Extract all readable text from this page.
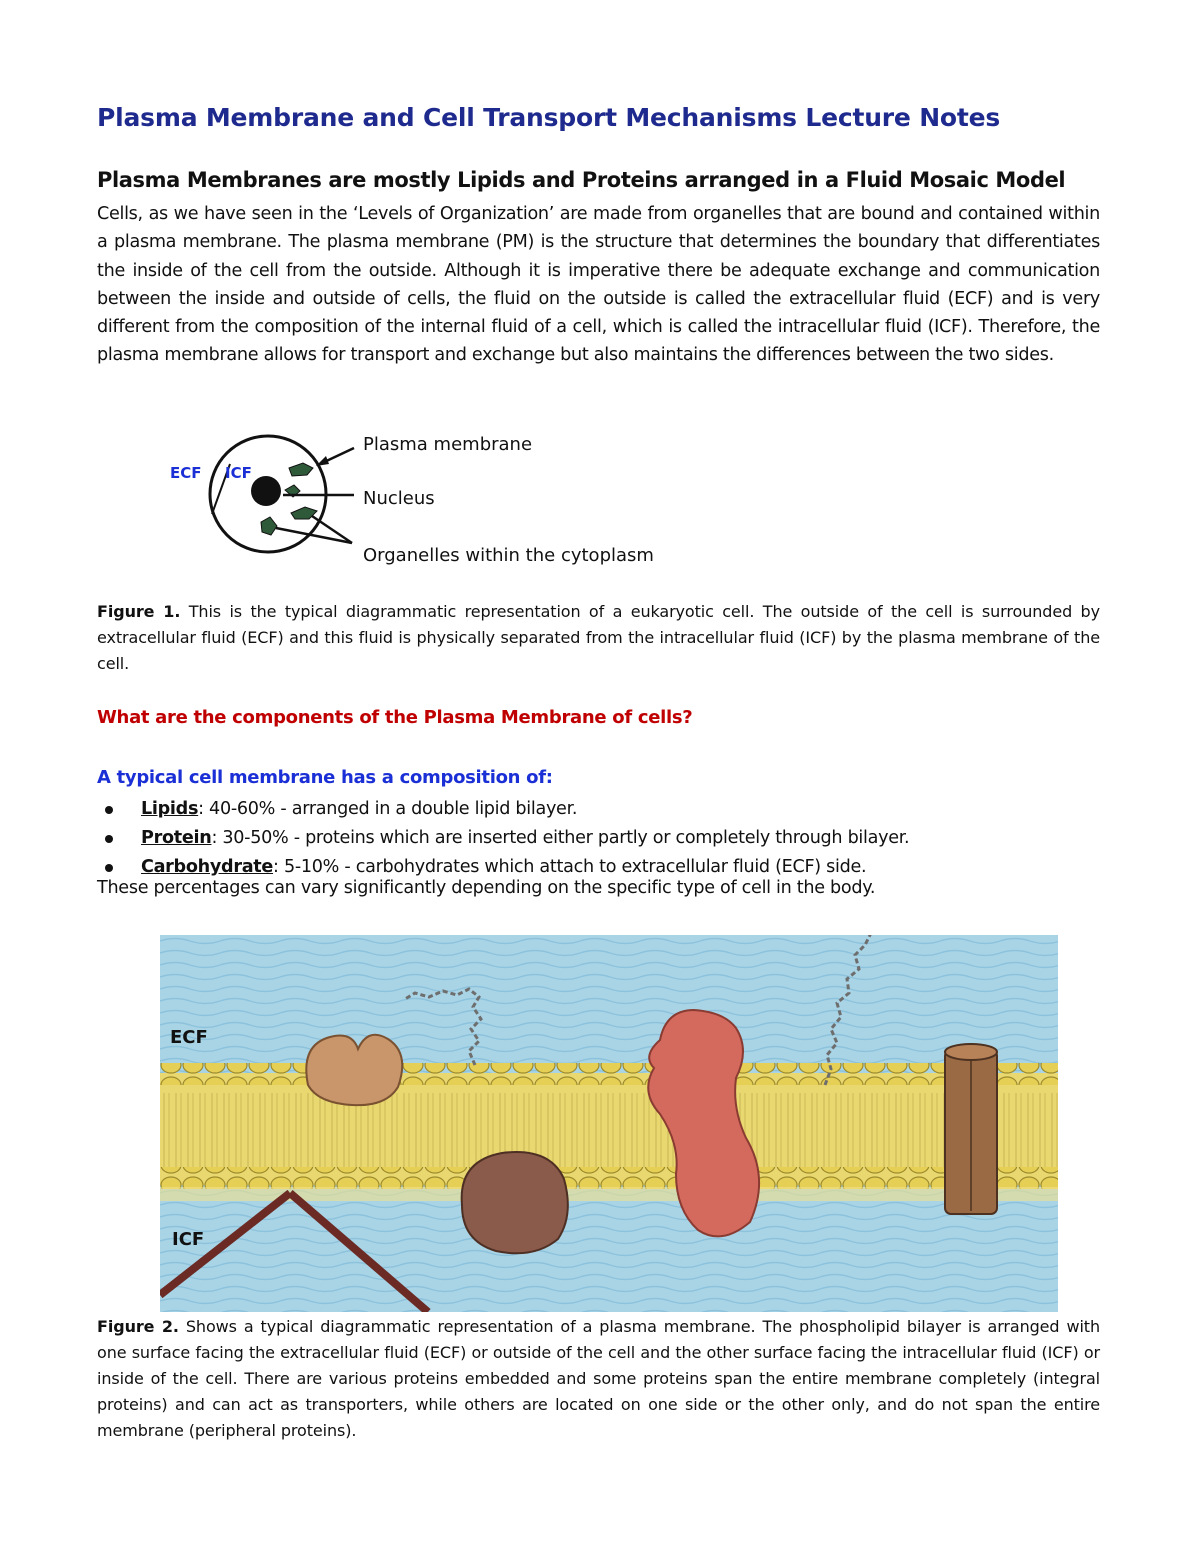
Plasma Membrane and Cell Transport Mechanisms Lecture Notes
Plasma Membranes are mostly Lipids and Proteins arranged in a Fluid Mosaic Model
Cells, as we have seen in the ‘Levels of Organization’ are made from organelles that are bound and contained within a plasma membrane. The plasma membrane (PM) is the structure that determines the boundary that differentiates the inside of the cell from the outside. Although it is imperative there be adequate exchange and communication between the inside and outside of cells, the fluid on the outside is called the extracellular fluid (ECF) and is very different from the composition of the internal fluid of a cell, which is called the intracellular fluid (ICF). Therefore, the plasma membrane allows for transport and exchange but also maintains the differences between the two sides.
ECF ICF
Plasma membrane
Nucleus
Organelles within the cytoplasm
Figure 1. This is the typical diagrammatic representation of a eukaryotic cell. The outside of the cell is surrounded by extracellular fluid (ECF) and this fluid is physically separated from the intracellular fluid (ICF) by the plasma membrane of the cell.
What are the components of the Plasma Membrane of cells?
A typical cell membrane has a composition of:
Lipids: 40-60% - arranged in a double lipid bilayer.
Protein: 30-50% - proteins which are inserted either partly or completely through bilayer.
Carbohydrate: 5-10% - carbohydrates which attach to extracellular fluid (ECF) side.
These percentages can vary significantly depending on the specific type of cell in the body.
ECF
ICF
Figure 2. Shows a typical diagrammatic representation of a plasma membrane. The phospholipid bilayer is arranged with one surface facing the extracellular fluid (ECF) or outside of the cell and the other surface facing the intracellular fluid (ICF) or inside of the cell. There are various proteins embedded and some proteins span the entire membrane completely (integral proteins) and can act as transporters, while others are located on one side or the other only, and do not span the entire membrane (peripheral proteins).
